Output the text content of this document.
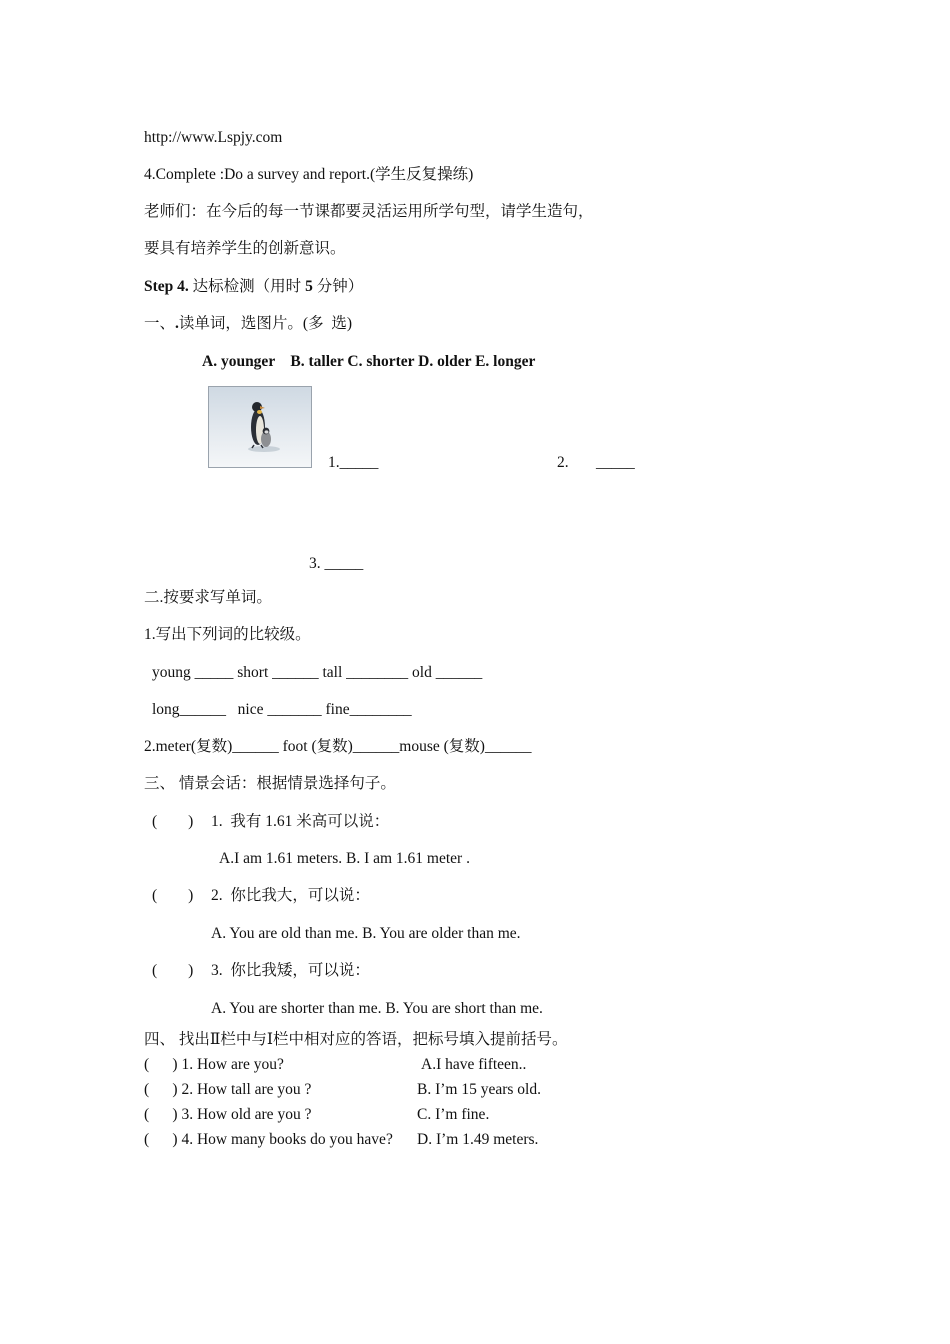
http://www.Lspjy.com
4.Complete :Do a survey and report.(学生反复操练)
老师们：在今后的每一节课都要灵活运用所学句型，请学生造句，
要具有培养学生的创新意识。
Step 4. 达标检测（用时 5 分钟）
一、.读单词，选图片。(多  选)
A. younger    B. taller C. shorter D. older E. longer
1._____	2. _____
3. _____
二.按要求写单词。
1.写出下列词的比较级。
young _____ short ______ tall ________ old ______
long______   nice _______ fine________
2.meter(复数)______ foot (复数)______mouse (复数)______
三、 情景会话：根据情景选择句子。
(        ) 1.  我有 1.61 米高可以说：
A.I am 1.61 meters. B. I am 1.61 meter .
(        ) 2.  你比我大，可以说：
A. You are old than me. B. You are older than me.
(        ) 3.  你比我矮，可以说：
A. You are shorter than me. B. You are short than me.
四、 找出Ⅱ栏中与Ⅰ栏中相对应的答语，把标号填入提前括号。
(      ) 1. How are you?	A.I have fifteen..
(      ) 2. How tall are you ?	B. I’m 15 years old.
(      ) 3. How old are you ?	C. I’m fine.
(      ) 4. How many books do you have? D. I’m 1.49 meters.
